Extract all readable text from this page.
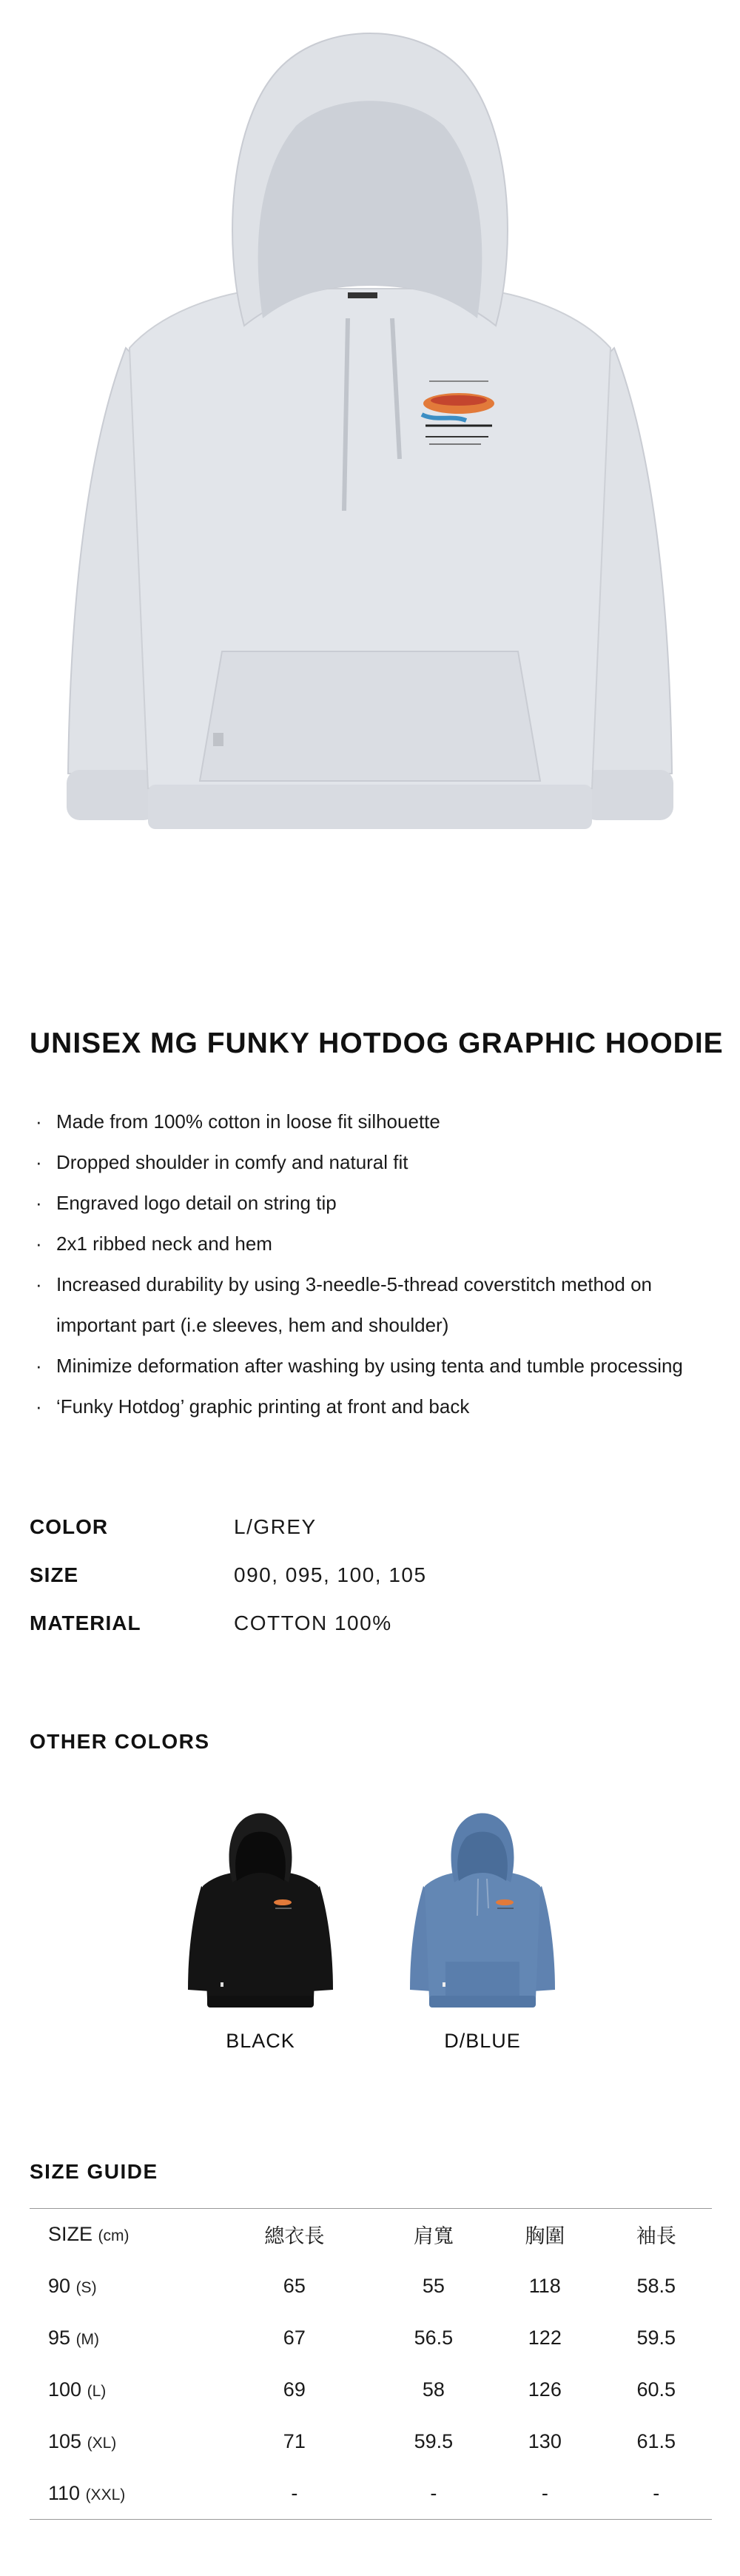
UNISEX MG FUNKY HOTDOG GRAPHIC HOODIE
· Made from 100% cotton in loose fit silhouette
· Dropped shoulder in comfy and natural fit
· Engraved logo detail on string tip
· 2x1 ribbed neck and hem
· Increased durability by using 3-needle-5-thread coverstitch method on important part (i.e sleeves, hem and shoulder)
· Minimize deformation after washing by using tenta and tumble processing
· ‘Funky Hotdog’ graphic printing at front and back
COLOR	L/GREY
SIZE	090, 095, 100, 105
MATERIAL	COTTON 100%
OTHER COLORS
BLACK	D/BLUE
SIZE GUIDE
SIZE (cm)	總衣長	肩寬	胸圍	袖長
90 (S)	65	55	118	58.5
95 (M)	67	56.5	122	59.5
100 (L)	69	58	126	60.5
105 (XL)	71	59.5	130	61.5
110 (XXL)	-	-	-	-
